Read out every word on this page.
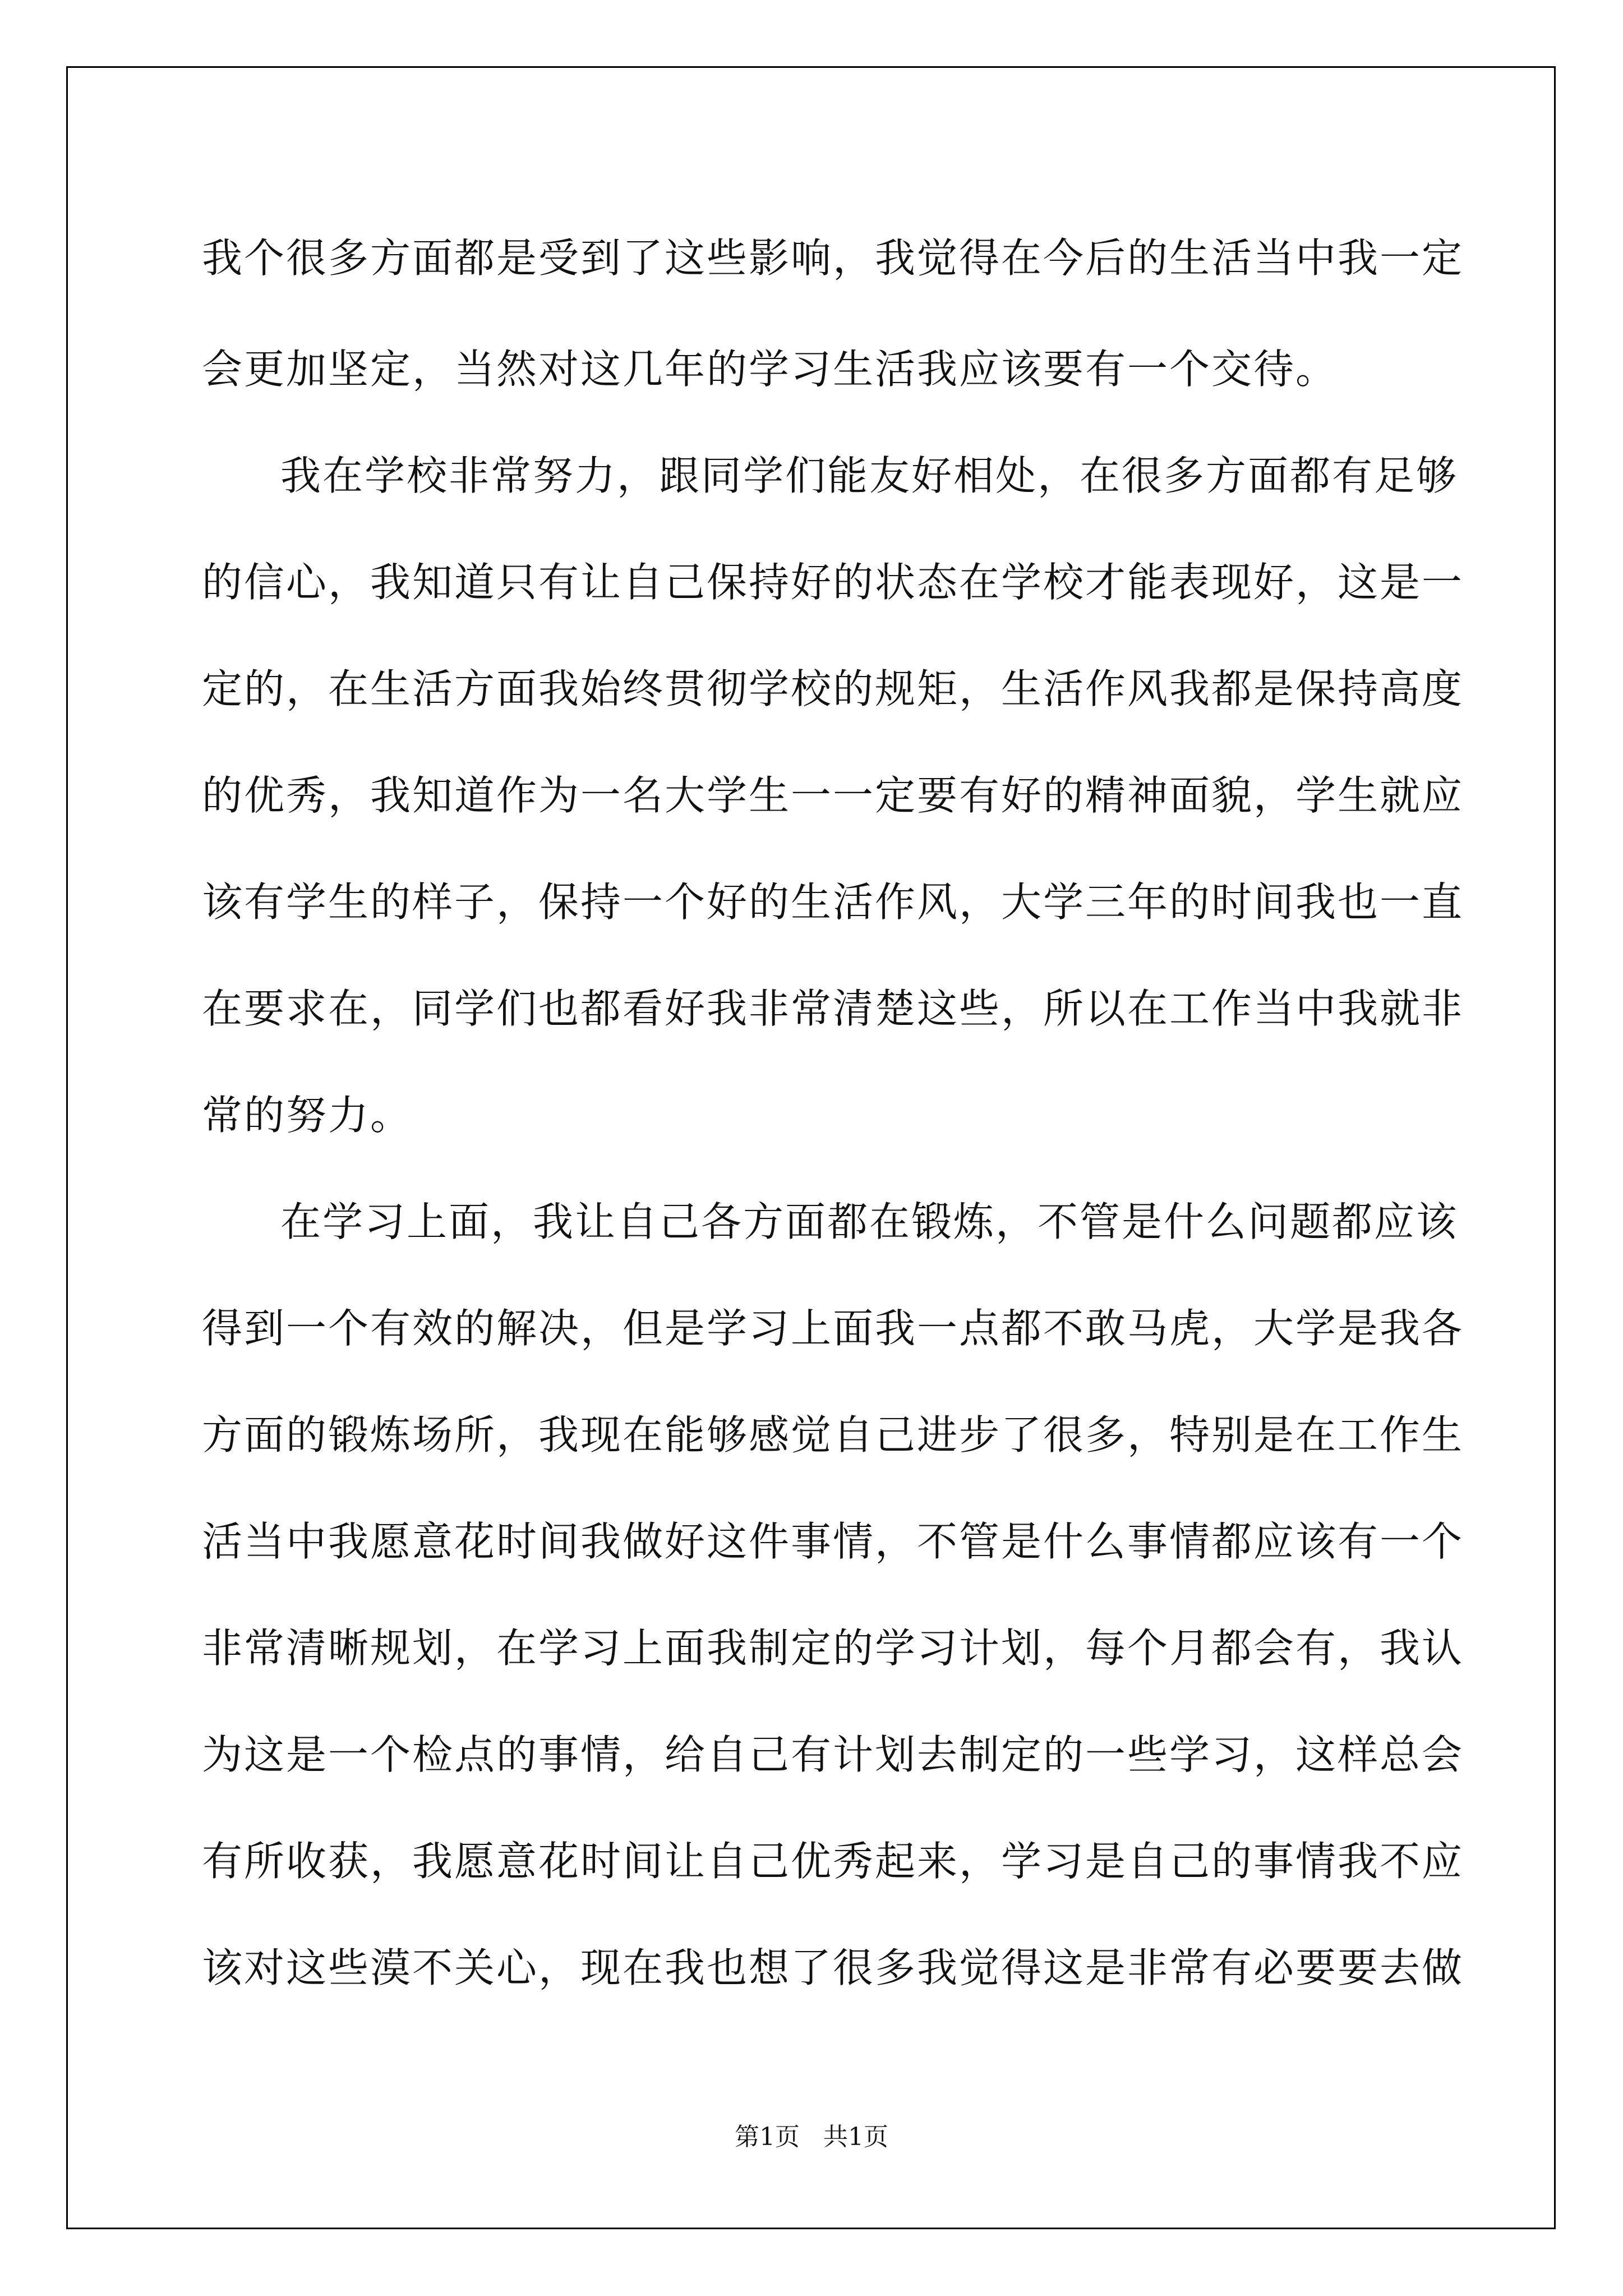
我个很多方面都是受到了这些影响，我觉得在今后的生活当中我一定
会更加坚定，当然对这几年的学习生活我应该要有一个交待。
我在学校非常努力，跟同学们能友好相处，在很多方面都有足够
的信心，我知道只有让自己保持好的状态在学校才能表现好，这是一
定的，在生活方面我始终贯彻学校的规矩，生活作风我都是保持高度
的优秀，我知道作为一名大学生一一定要有好的精神面貌，学生就应
该有学生的样子，保持一个好的生活作风，大学三年的时间我也一直
在要求在，同学们也都看好我非常清楚这些，所以在工作当中我就非
常的努力。
在学习上面，我让自己各方面都在锻炼，不管是什么问题都应该
得到一个有效的解决，但是学习上面我一点都不敢马虎，大学是我各
方面的锻炼场所，我现在能够感觉自己进步了很多，特别是在工作生
活当中我愿意花时间我做好这件事情，不管是什么事情都应该有一个
非常清晰规划，在学习上面我制定的学习计划，每个月都会有，我认
为这是一个检点的事情，给自己有计划去制定的一些学习，这样总会
有所收获，我愿意花时间让自己优秀起来，学习是自己的事情我不应
该对这些漠不关心，现在我也想了很多我觉得这是非常有必要要去做
第1页 共1页
